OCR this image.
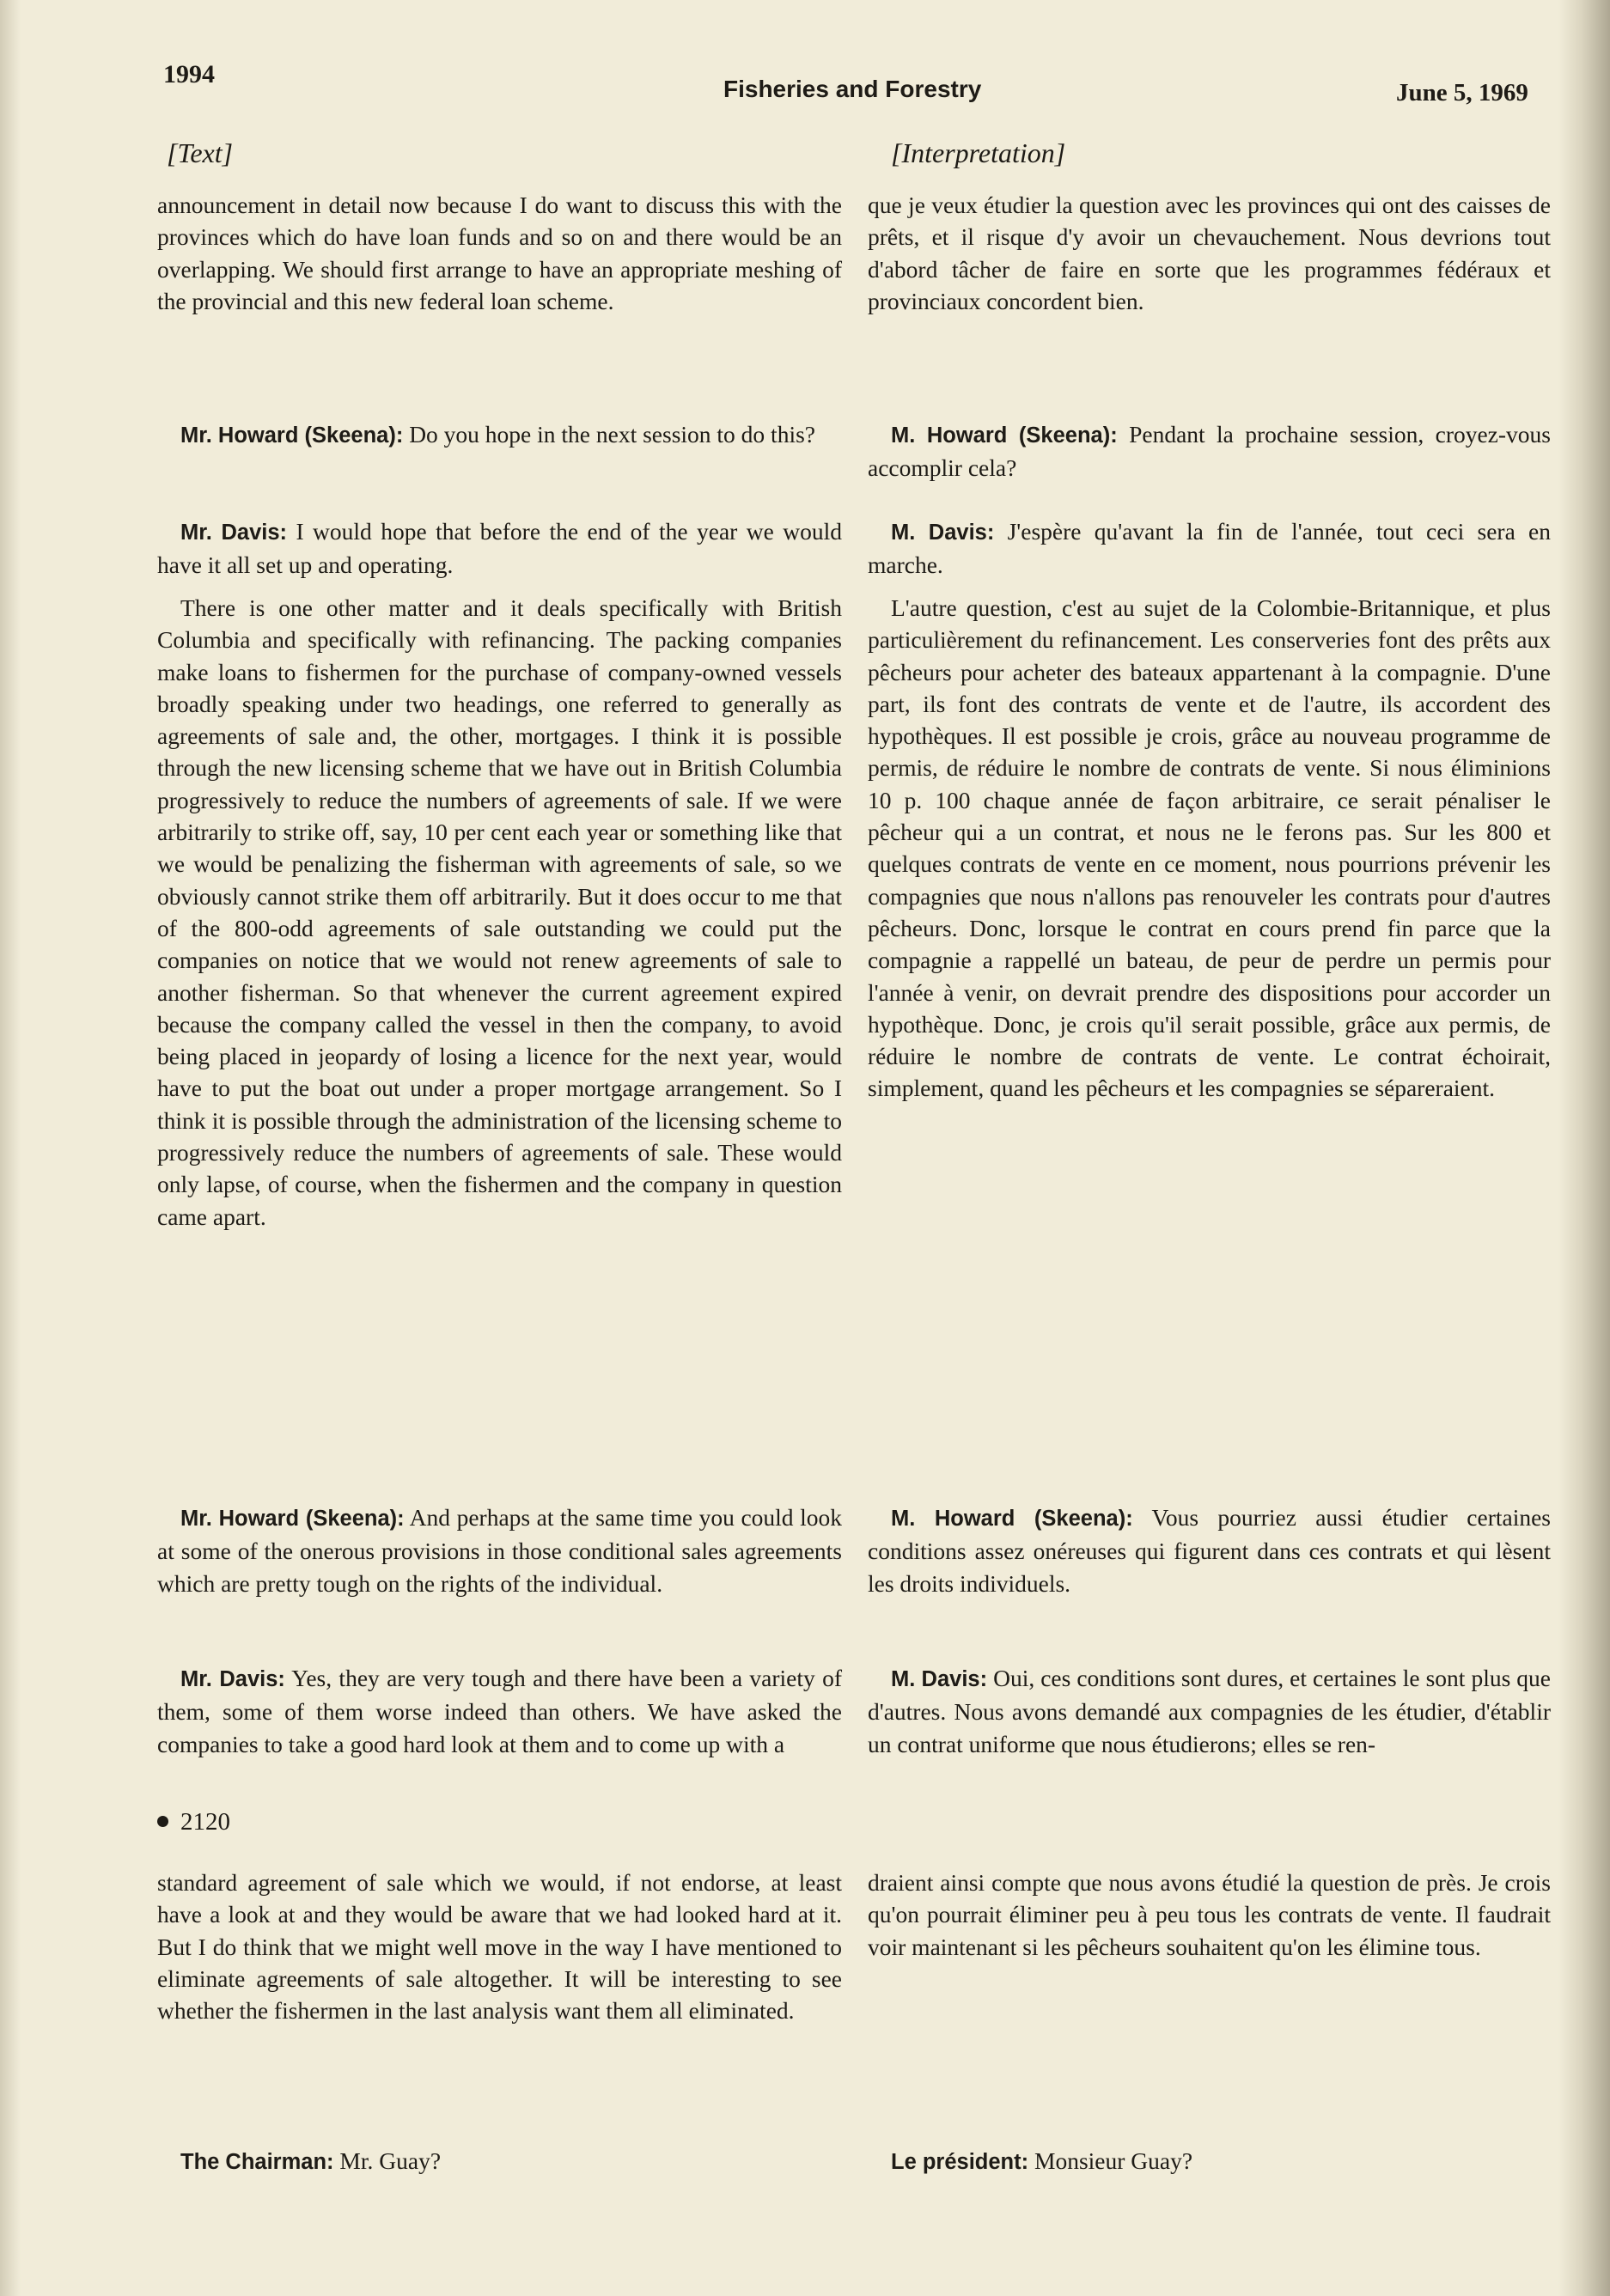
1994
Fisheries and Forestry	June 5, 1969
[Text]	[Interpretation]

announcement in detail now because I do want to discuss this with the provinces which do have loan funds and so on and there would be an overlapping. We should first arrange to have an appropriate meshing of the provincial and this new federal loan scheme.

Mr. Howard (Skeena): Do you hope in the next session to do this?

Mr. Davis: I would hope that before the end of the year we would have it all set up and operating.

There is one other matter and it deals specifically with British Columbia and specifically with refinancing. The packing companies make loans to fishermen for the purchase of company-owned vessels broadly speaking under two headings, one referred to generally as agreements of sale and, the other, mortgages. I think it is possible through the new licensing scheme that we have out in British Columbia progressively to reduce the numbers of agreements of sale. If we were arbitrarily to strike off, say, 10 per cent each year or something like that we would be penalizing the fisherman with agreements of sale, so we obviously cannot strike them off arbitrarily. But it does occur to me that of the 800-odd agreements of sale outstanding we could put the companies on notice that we would not renew agreements of sale to another fisherman. So that whenever the current agreement expired because the company called the vessel in then the company, to avoid being placed in jeopardy of losing a licence for the next year, would have to put the boat out under a proper mortgage arrangement. So I think it is possible through the administration of the licensing scheme to progressively reduce the numbers of agreements of sale. These would only lapse, of course, when the fishermen and the company in question came apart.

Mr. Howard (Skeena): And perhaps at the same time you could look at some of the onerous provisions in those conditional sales agreements which are pretty tough on the rights of the individual.

Mr. Davis: Yes, they are very tough and there have been a variety of them, some of them worse indeed than others. We have asked the companies to take a good hard look at them and to come up with a

2120

standard agreement of sale which we would, if not endorse, at least have a look at and they would be aware that we had looked hard at it. But I do think that we might well move in the way I have mentioned to eliminate agreements of sale altogether. It will be interesting to see whether the fishermen in the last analysis want them all eliminated.

The Chairman: Mr. Guay?

que je veux étudier la question avec les provinces qui ont des caisses de prêts, et il risque d'y avoir un chevauchement. Nous devrions tout d'abord tâcher de faire en sorte que les programmes fédéraux et provinciaux concordent bien.

M. Howard (Skeena): Pendant la prochaine session, croyez-vous accomplir cela?

M. Davis: J'espère qu'avant la fin de l'année, tout ceci sera en marche.

L'autre question, c'est au sujet de la Colombie-Britannique, et plus particulièrement du refinancement. Les conserveries font des prêts aux pêcheurs pour acheter des bateaux appartenant à la compagnie. D'une part, ils font des contrats de vente et de l'autre, ils accordent des hypothèques. Il est possible je crois, grâce au nouveau programme de permis, de réduire le nombre de contrats de vente. Si nous éliminions 10 p. 100 chaque année de façon arbitraire, ce serait pénaliser le pêcheur qui a un contrat, et nous ne le ferons pas. Sur les 800 et quelques contrats de vente en ce moment, nous pourrions prévenir les compagnies que nous n'allons pas renouveler les contrats pour d'autres pêcheurs. Donc, lorsque le contrat en cours prend fin parce que la compagnie a rappellé un bateau, de peur de perdre un permis pour l'année à venir, on devrait prendre des dispositions pour accorder un hypothèque. Donc, je crois qu'il serait possible, grâce aux permis, de réduire le nombre de contrats de vente. Le contrat échoirait, simplement, quand les pêcheurs et les compagnies se sépareraient.

M. Howard (Skeena): Vous pourriez aussi étudier certaines conditions assez onéreuses qui figurent dans ces contrats et qui lèsent les droits individuels.

M. Davis: Oui, ces conditions sont dures, et certaines le sont plus que d'autres. Nous avons demandé aux compagnies de les étudier, d'établir un contrat uniforme que nous étudierons; elles se ren-

draient ainsi compte que nous avons étudié la question de près. Je crois qu'on pourrait éliminer peu à peu tous les contrats de vente. Il faudrait voir maintenant si les pêcheurs souhaitent qu'on les élimine tous.

Le président: Monsieur Guay?
